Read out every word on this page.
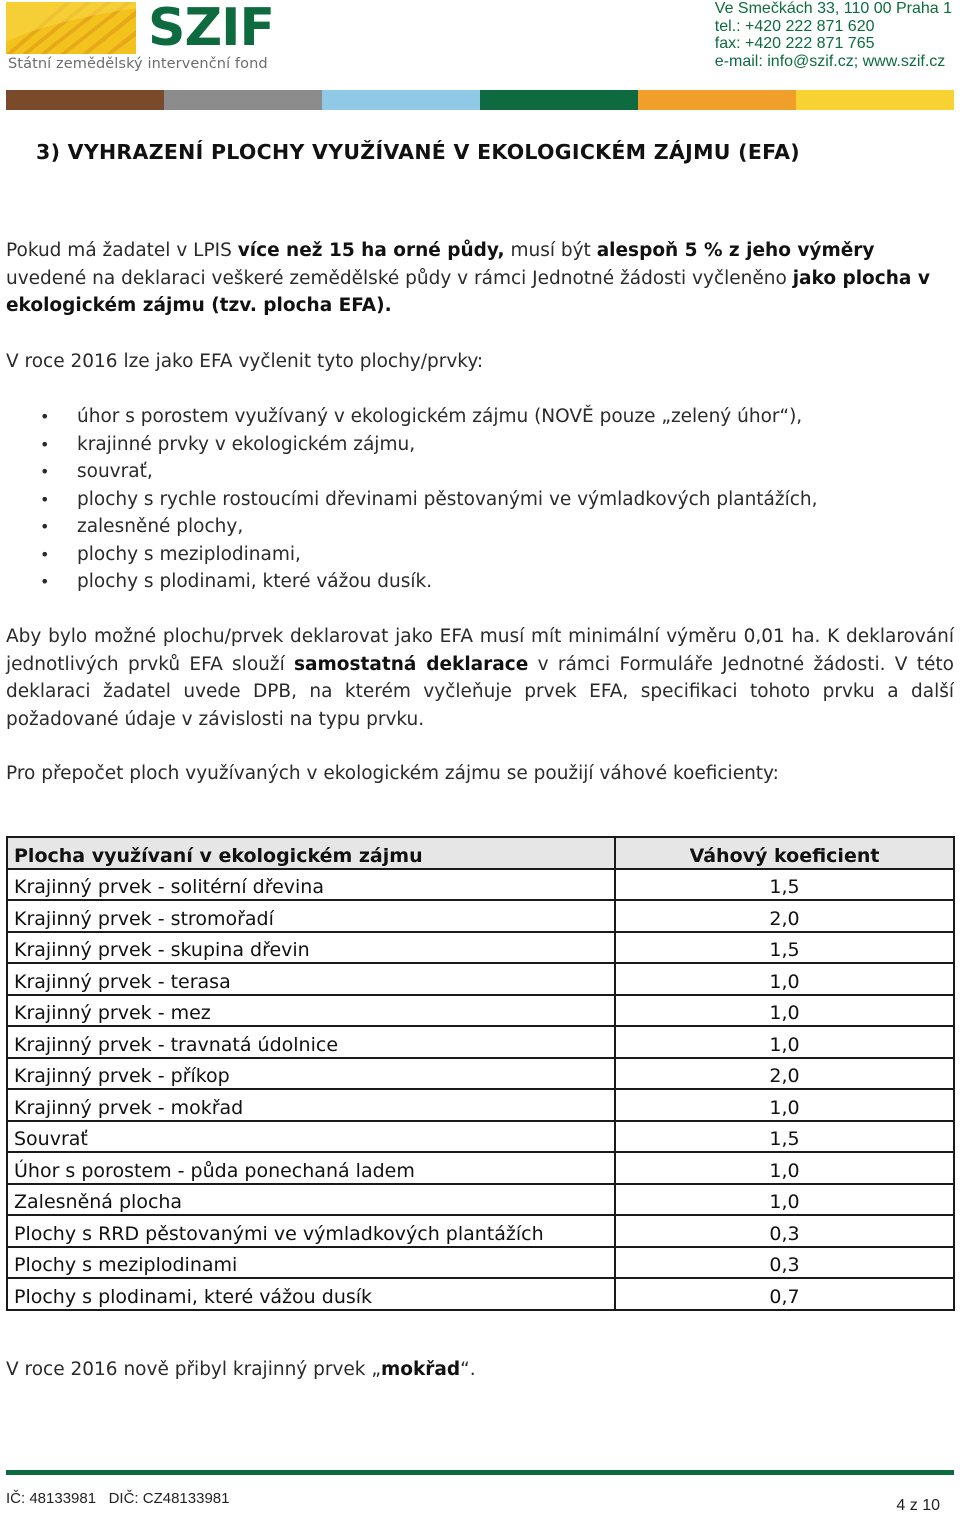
SZIF
Státní zemědělský intervenční fond
Ve Smečkách 33, 110 00 Praha 1
tel.: +420 222 871 620
fax: +420 222 871 765
e-mail: info@szif.cz; www.szif.cz
3) VYHRAZENÍ PLOCHY VYUŽÍVANÉ V EKOLOGICKÉM ZÁJMU (EFA)

Pokud má žadatel v LPIS více než 15 ha orné půdy, musí být alespoň 5 % z jeho výměry uvedené na deklaraci veškeré zemědělské půdy v rámci Jednotné žádosti vyčleněno jako plocha v ekologickém zájmu (tzv. plocha EFA).

V roce 2016 lze jako EFA vyčlenit tyto plochy/prvky:

• úhor s porostem využívaný v ekologickém zájmu (NOVĚ pouze „zelený úhor“),
• krajinné prvky v ekologickém zájmu,
• souvrať,
• plochy s rychle rostoucími dřevinami pěstovanými ve výmladkových plantážích,
• zalesněné plochy,
• plochy s meziplodinami,
• plochy s plodinami, které vážou dusík.

Aby bylo možné plochu/prvek deklarovat jako EFA musí mít minimální výměru 0,01 ha. K deklarování jednotlivých prvků EFA slouží samostatná deklarace v rámci Formuláře Jednotné žádosti. V této deklaraci žadatel uvede DPB, na kterém vyčleňuje prvek EFA, specifikaci tohoto prvku a další požadované údaje v závislosti na typu prvku.

Pro přepočet ploch využívaných v ekologickém zájmu se použijí váhové koeficienty:

Plocha využívaní v ekologickém zájmu	Váhový koeficient
Krajinný prvek - solitérní dřevina	1,5
Krajinný prvek - stromořadí	2,0
Krajinný prvek - skupina dřevin	1,5
Krajinný prvek - terasa	1,0
Krajinný prvek - mez	1,0
Krajinný prvek - travnatá údolnice	1,0
Krajinný prvek - příkop	2,0
Krajinný prvek - mokřad	1,0
Souvrať	1,5
Úhor s porostem - půda ponechaná ladem	1,0
Zalesněná plocha	1,0
Plochy s RRD pěstovanými ve výmladkových plantážích	0,3
Plochy s meziplodinami	0,3
Plochy s plodinami, které vážou dusík	0,7

V roce 2016 nově přibyl krajinný prvek „mokřad“.

IČ: 48133981   DIČ: CZ48133981	4 z 10
